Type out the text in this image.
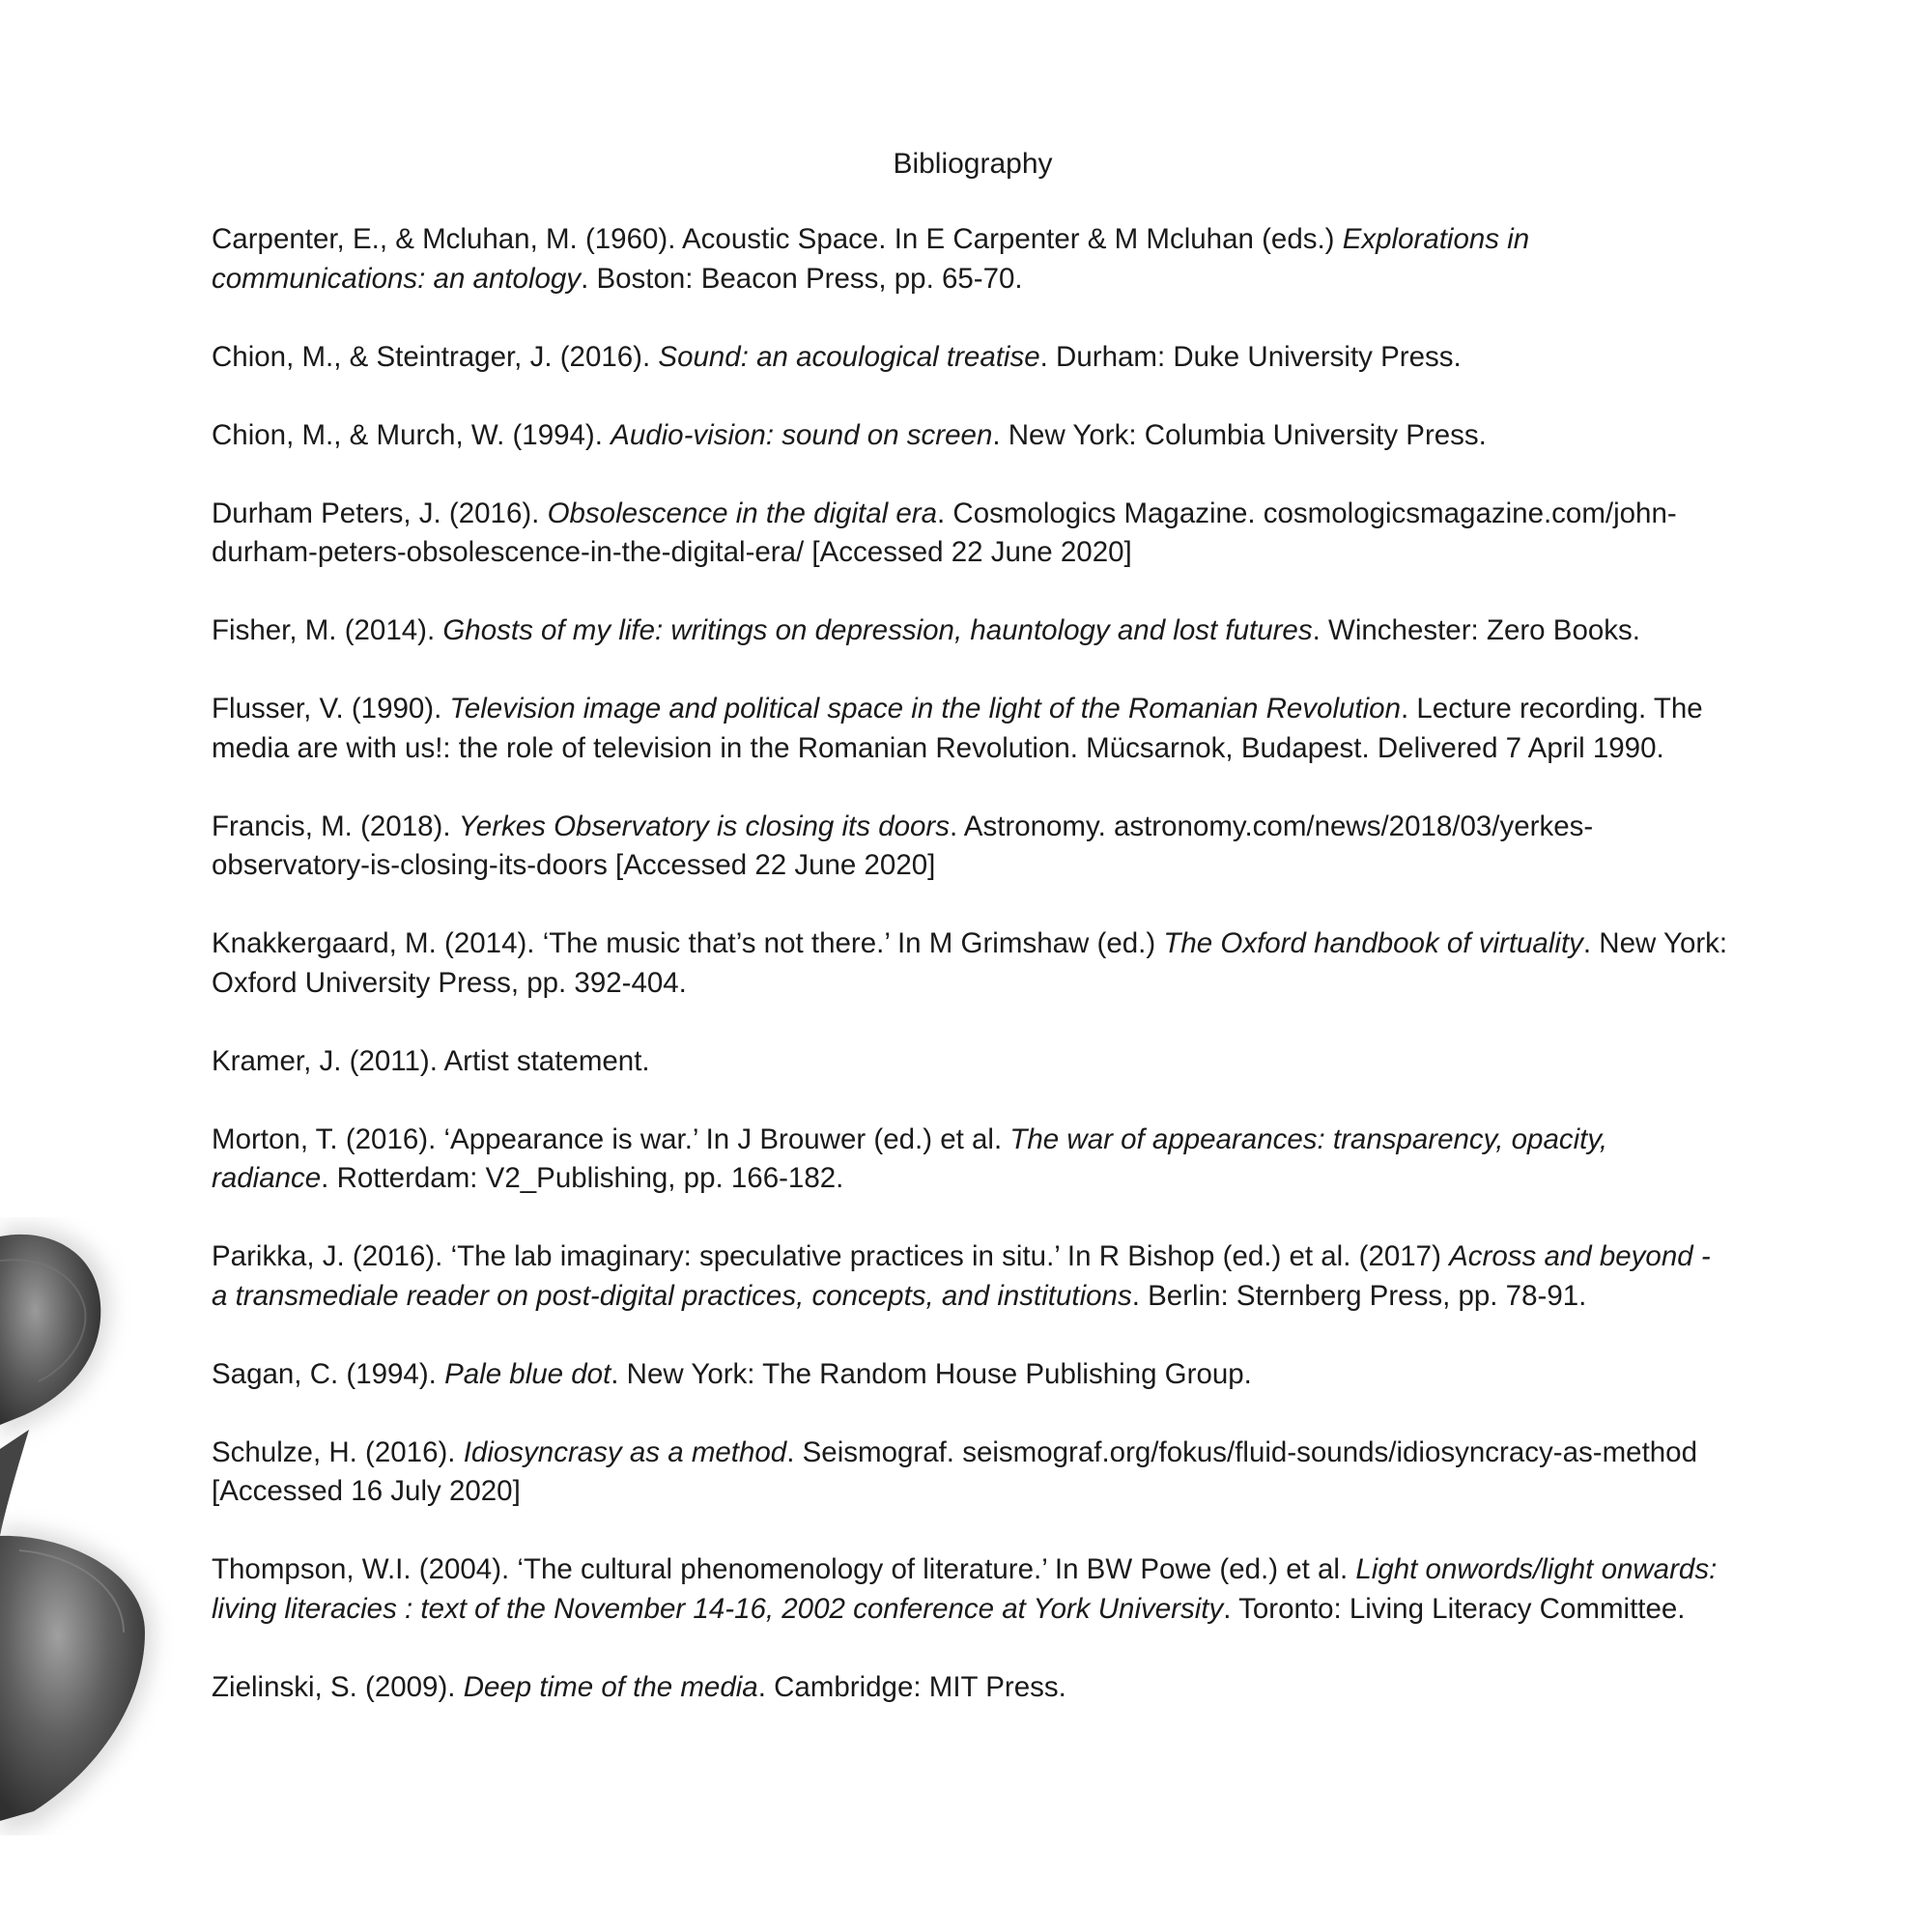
Bibliography

Carpenter, E., & Mcluhan, M. (1960). Acoustic Space. In E Carpenter & M Mcluhan (eds.) Explorations in communications: an antology. Boston: Beacon Press, pp. 65-70.

Chion, M., & Steintrager, J. (2016). Sound: an acoulogical treatise. Durham: Duke University Press.

Chion, M., & Murch, W. (1994). Audio-vision: sound on screen. New York: Columbia University Press.

Durham Peters, J. (2016). Obsolescence in the digital era. Cosmologics Magazine. cosmologicsmagazine.com/john-durham-peters-obsolescence-in-the-digital-era/ [Accessed 22 June 2020]

Fisher, M. (2014). Ghosts of my life: writings on depression, hauntology and lost futures. Winchester: Zero Books.

Flusser, V. (1990). Television image and political space in the light of the Romanian Revolution. Lecture recording. The media are with us!: the role of television in the Romanian Revolution. Mücsarnok, Budapest. Delivered 7 April 1990.

Francis, M. (2018). Yerkes Observatory is closing its doors. Astronomy. astronomy.com/news/2018/03/yerkes-observatory-is-closing-its-doors [Accessed 22 June 2020]

Knakkergaard, M. (2014). ‘The music that’s not there.’ In M Grimshaw (ed.) The Oxford handbook of virtuality. New York: Oxford University Press, pp. 392-404.

Kramer, J. (2011). Artist statement.

Morton, T. (2016). ‘Appearance is war.’ In J Brouwer (ed.) et al. The war of appearances: transparency, opacity, radiance. Rotterdam: V2_Publishing, pp. 166-182.

Parikka, J. (2016). ‘The lab imaginary: speculative practices in situ.’ In R Bishop (ed.) et al. (2017) Across and beyond - a transmediale reader on post-digital practices, concepts, and institutions. Berlin: Sternberg Press, pp. 78-91.

Sagan, C. (1994). Pale blue dot. New York: The Random House Publishing Group.

Schulze, H. (2016). Idiosyncrasy as a method. Seismograf. seismograf.org/fokus/fluid-sounds/idiosyncracy-as-method [Accessed 16 July 2020]

Thompson, W.I. (2004). ‘The cultural phenomenology of literature.’ In BW Powe (ed.) et al. Light onwords/light onwards: living literacies : text of the November 14-16, 2002 conference at York University. Toronto: Living Literacy Committee.

Zielinski, S. (2009). Deep time of the media. Cambridge: MIT Press.
